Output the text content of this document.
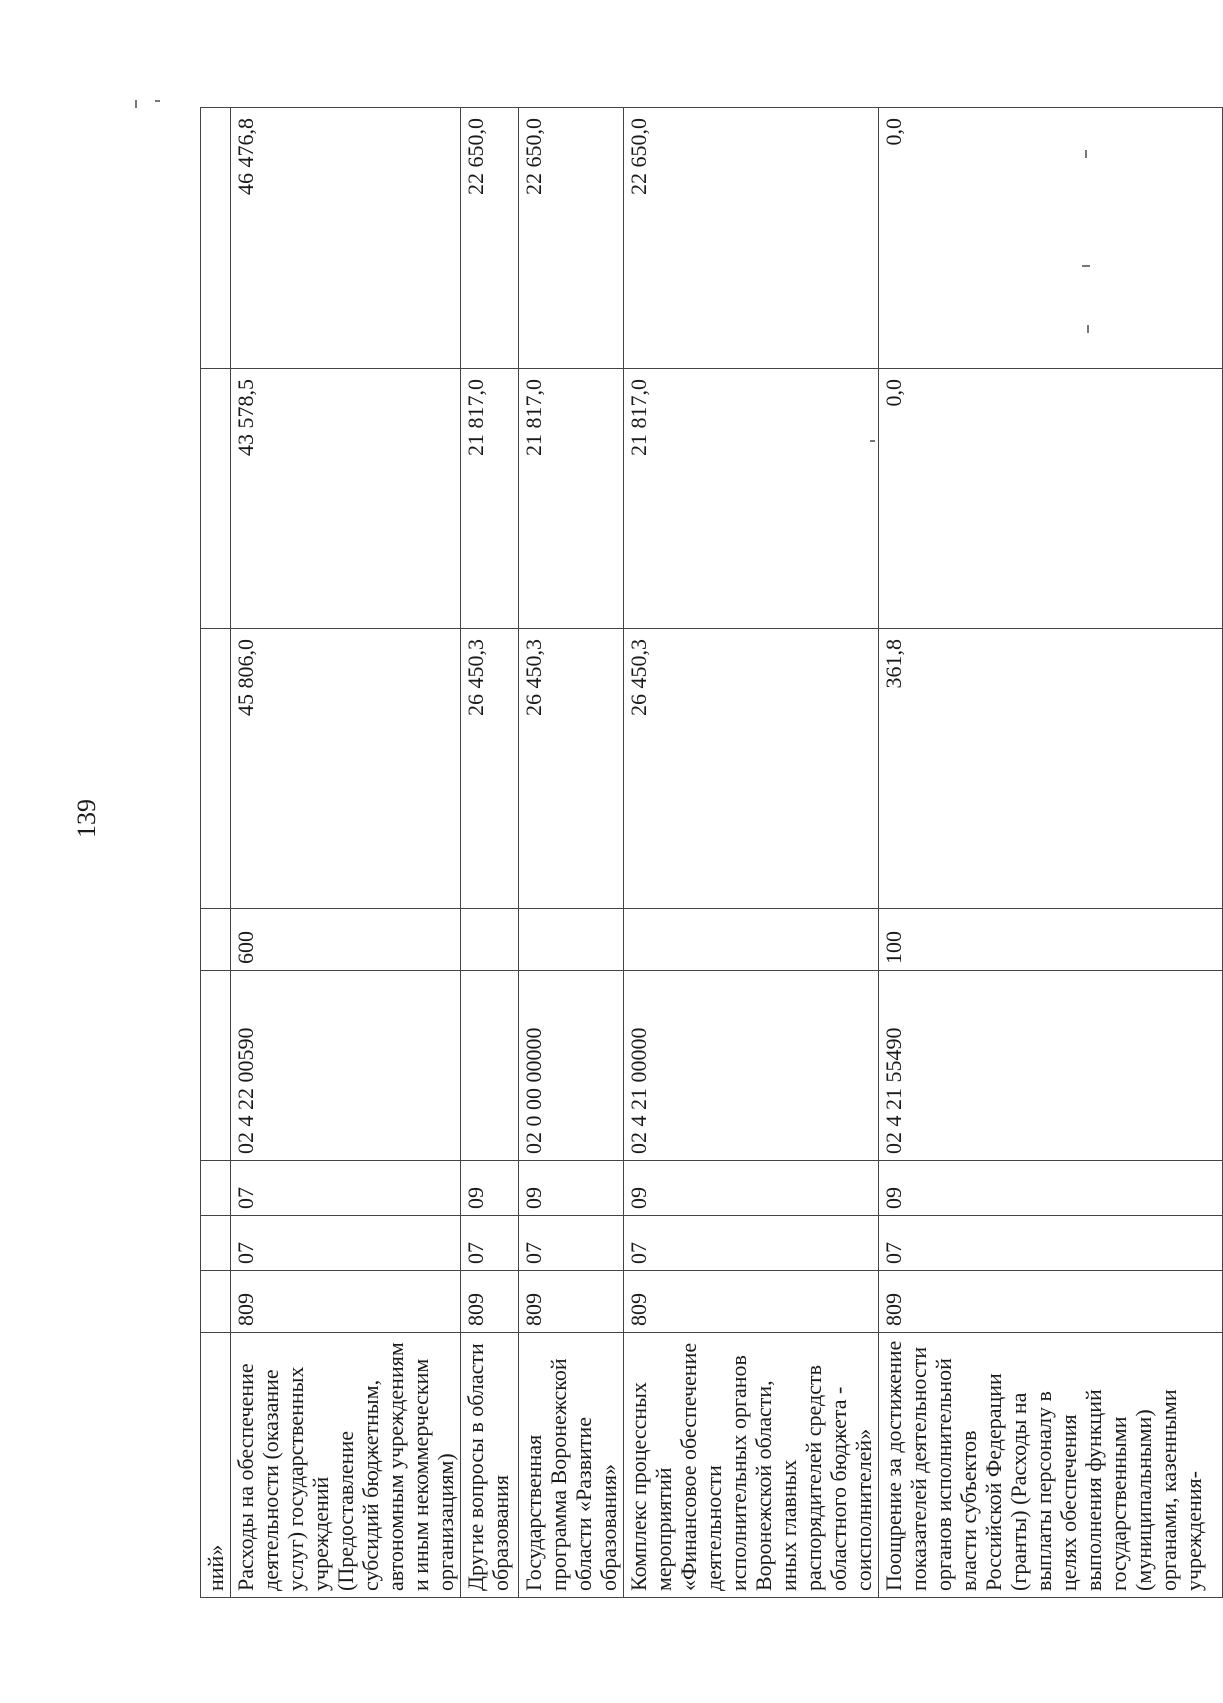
139
ний»								
Расходы на обеспечение деятельности (оказание услуг) государственных учреждений (Предоставление субсидий бюджетным, автономным учреждениям и иным некоммерческим организациям)	809	07	07	02 4 22 00590	600	45 806,0	43 578,5	46 476,8
Другие вопросы в области образования	809	07	09			26 450,3	21 817,0	22 650,0
Государственная программа Воронежской области «Развитие образования»	809	07	09	02 0 00 00000		26 450,3	21 817,0	22 650,0
Комплекс процессных мероприятий «Финансовое обеспечение деятельности исполнительных органов Воронежской области, иных главных распорядителей средств областного бюджета - соисполнителей»	809	07	09	02 4 21 00000		26 450,3	21 817,0	22 650,0
Поощрение за достижение показателей деятельности органов исполнительной власти субъектов Российской Федерации (гранты) (Расходы на выплаты персоналу в целях обеспечения выполнения функций государственными (муниципальными) органами, казенными учреждения-	809	07	09	02 4 21 55490	100	361,8	0,0	0,0
